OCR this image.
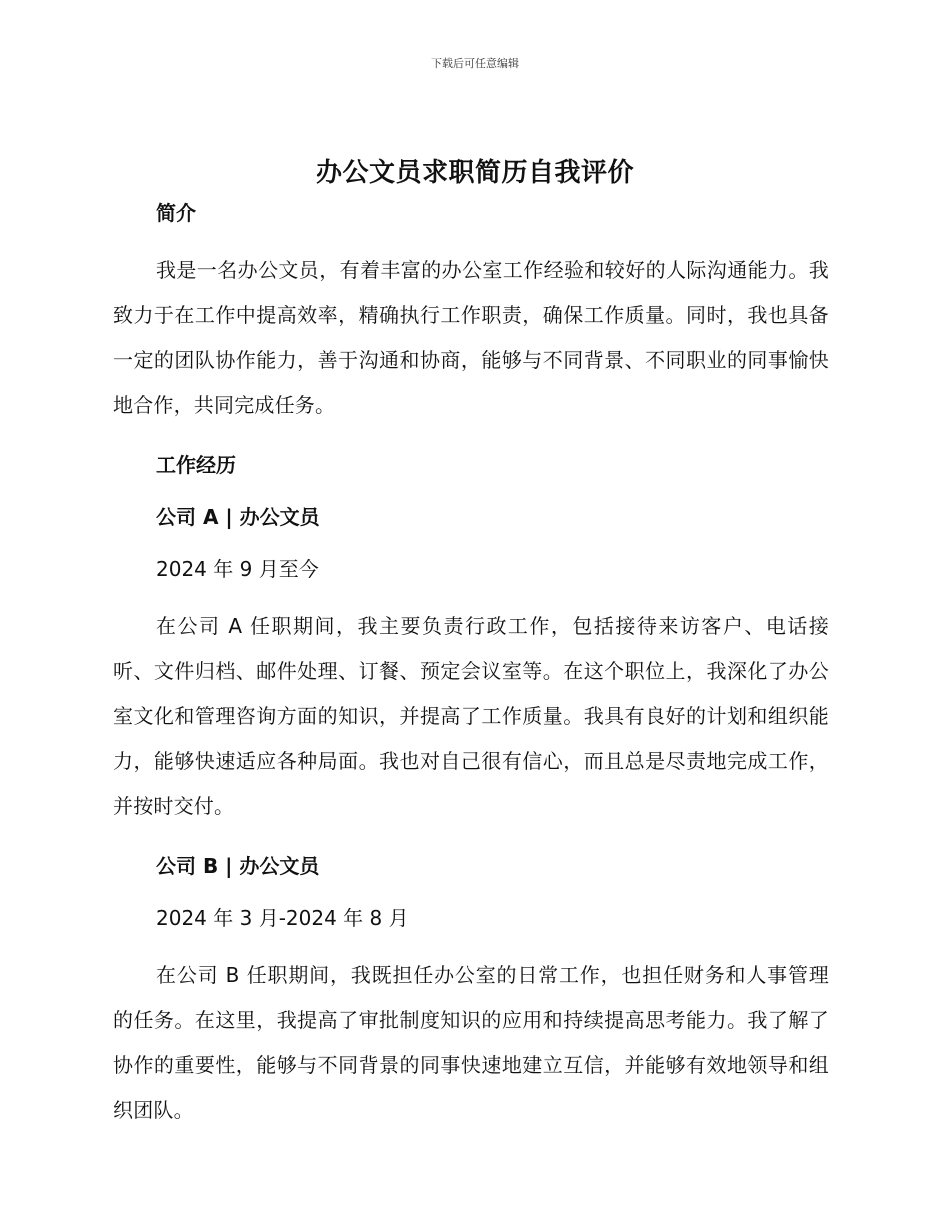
下载后可任意编辑
办公文员求职简历自我评价

简介

我是一名办公文员，有着丰富的办公室工作经验和较好的人际沟通能力。我致力于在工作中提高效率，精确执行工作职责，确保工作质量。同时，我也具备一定的团队协作能力，善于沟通和协商，能够与不同背景、不同职业的同事愉快地合作，共同完成任务。

工作经历

公司 A | 办公文员

2024 年 9 月至今

在公司 A 任职期间，我主要负责行政工作，包括接待来访客户、电话接听、文件归档、邮件处理、订餐、预定会议室等。在这个职位上，我深化了办公室文化和管理咨询方面的知识，并提高了工作质量。我具有良好的计划和组织能力，能够快速适应各种局面。我也对自己很有信心，而且总是尽责地完成工作，并按时交付。

公司 B | 办公文员

2024 年 3 月-2024 年 8 月

在公司 B 任职期间，我既担任办公室的日常工作，也担任财务和人事管理的任务。在这里，我提高了审批制度知识的应用和持续提高思考能力。我了解了协作的重要性，能够与不同背景的同事快速地建立互信，并能够有效地领导和组织团队。
